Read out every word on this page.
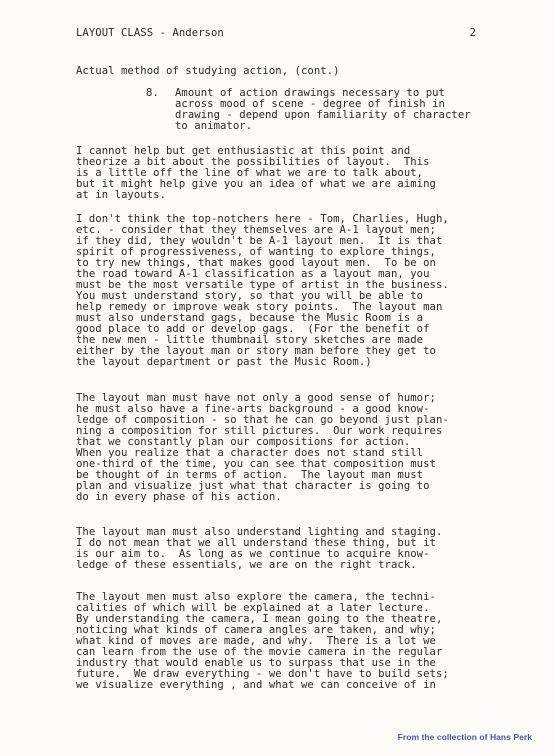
LAYOUT CLASS - Anderson	2
Actual method of studying action, (cont.)
8. Amount of action drawings necessary to put
across mood of scene - degree of finish in
drawing - depend upon familiarity of character
to animator.
I cannot help but get enthusiastic at this point and
theorize a bit about the possibilities of layout.  This
is a little off the line of what we are to talk about,
but it might help give you an idea of what we are aiming
at in layouts.
I don't think the top-notchers here - Tom, Charlies, Hugh,
etc. - consider that they themselves are A-1 layout men;
if they did, they wouldn't be A-1 layout men.  It is that
spirit of progressiveness, of wanting to explore things,
to try new things, that makes good layout men.  To be on
the road toward A-1 classification as a layout man, you
must be the most versatile type of artist in the business.
You must understand story, so that you will be able to
help remedy or improve weak story points.  The layout man
must also understand gags, because the Music Room is a
good place to add or develop gags.  (For the benefit of
the new men - little thumbnail story sketches are made
either by the layout man or story man before they get to
the layout department or past the Music Room.)
The layout man must have not only a good sense of humor;
he must also have a fine-arts background - a good know-
ledge of composition - so that he can go beyond just plan-
ning a composition for still pictures.  Our work requires
that we constantly plan our compositions for action.
When you realize that a character does not stand still
one-third of the time, you can see that composition must
be thought of in terms of action.  The layout man must
plan and visualize just what that character is going to
do in every phase of his action.
The layout man must also understand lighting and staging.
I do not mean that we all understand these thing, but it
is our aim to.  As long as we continue to acquire know-
ledge of these essentials, we are on the right track.
The layout men must also explore the camera, the techni-
calities of which will be explained at a later lecture.
By understanding the camera, I mean going to the theatre,
noticing what kinds of camera angles are taken, and why;
what kind of moves are made, and why.  There is a lot we
can learn from the use of the movie camera in the regular
industry that would enable us to surpass that use in the
future.  We draw everything - we don't have to build sets;
we visualize everything , and what we can conceive of in
From the collection of Hans Perk
